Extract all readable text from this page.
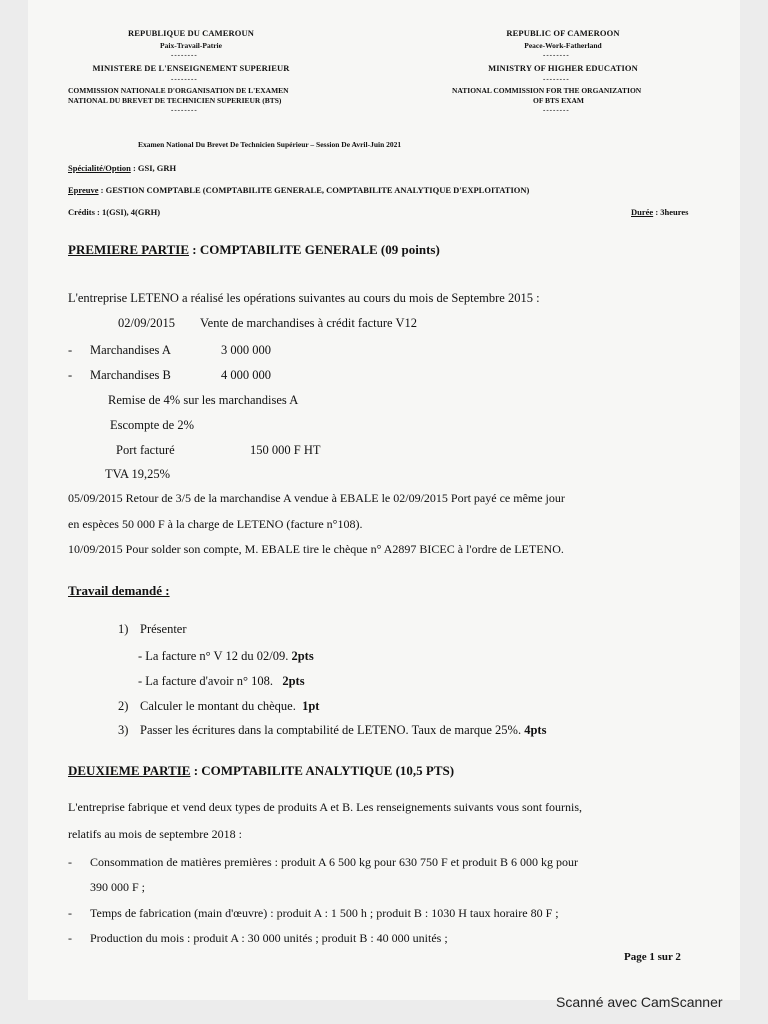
REPUBLIQUE DU CAMEROUN
Paix-Travail-Patrie
--------
MINISTERE DE L'ENSEIGNEMENT SUPERIEUR
--------
COMMISSION NATIONALE D'ORGANISATION DE L'EXAMEN
NATIONAL DU BREVET DE TECHNICIEN SUPERIEUR (BTS)
--------
REPUBLIC OF CAMEROON
Peace-Work-Fatherland
--------
MINISTRY OF HIGHER EDUCATION
--------
NATIONAL COMMISSION FOR THE ORGANIZATION
OF BTS EXAM
--------
Examen National Du Brevet De Technicien Supérieur – Session De Avril-Juin 2021
Spécialité/Option : GSI, GRH
Epreuve : GESTION COMPTABLE (COMPTABILITE GENERALE, COMPTABILITE ANALYTIQUE D'EXPLOITATION)
Crédits : 1(GSI), 4(GRH)	Durée : 3heures
PREMIERE PARTIE : COMPTABILITE GENERALE (09 points)
L'entreprise LETENO a réalisé les opérations suivantes au cours du mois de Septembre 2015 :
02/09/2015 Vente de marchandises à crédit facture V12
- Marchandises A	3 000 000
- Marchandises B	4 000 000
Remise de 4% sur les marchandises A
Escompte de 2%
Port facturé	150 000 F HT
TVA 19,25%
05/09/2015 Retour de 3/5 de la marchandise A vendue à EBALE le 02/09/2015 Port payé ce même jour
en espèces 50 000 F à la charge de LETENO (facture n°108).
10/09/2015 Pour solder son compte, M. EBALE tire le chèque n° A2897 BICEC à l'ordre de LETENO.
Travail demandé :
1) Présenter
- La facture n° V 12 du 02/09. 2pts
- La facture d'avoir n° 108. 2pts
2) Calculer le montant du chèque. 1pt
3) Passer les écritures dans la comptabilité de LETENO. Taux de marque 25%. 4pts
DEUXIEME PARTIE : COMPTABILITE ANALYTIQUE (10,5 PTS)
L'entreprise fabrique et vend deux types de produits A et B. Les renseignements suivants vous sont fournis,
relatifs au mois de septembre 2018 :
- Consommation de matières premières : produit A 6 500 kg pour 630 750 F et produit B 6 000 kg pour
390 000 F ;
- Temps de fabrication (main d'œuvre) : produit A : 1 500 h ; produit B : 1030 H taux horaire 80 F ;
- Production du mois : produit A : 30 000 unités ; produit B : 40 000 unités ;
Page 1 sur 2
Scanné avec CamScanner
